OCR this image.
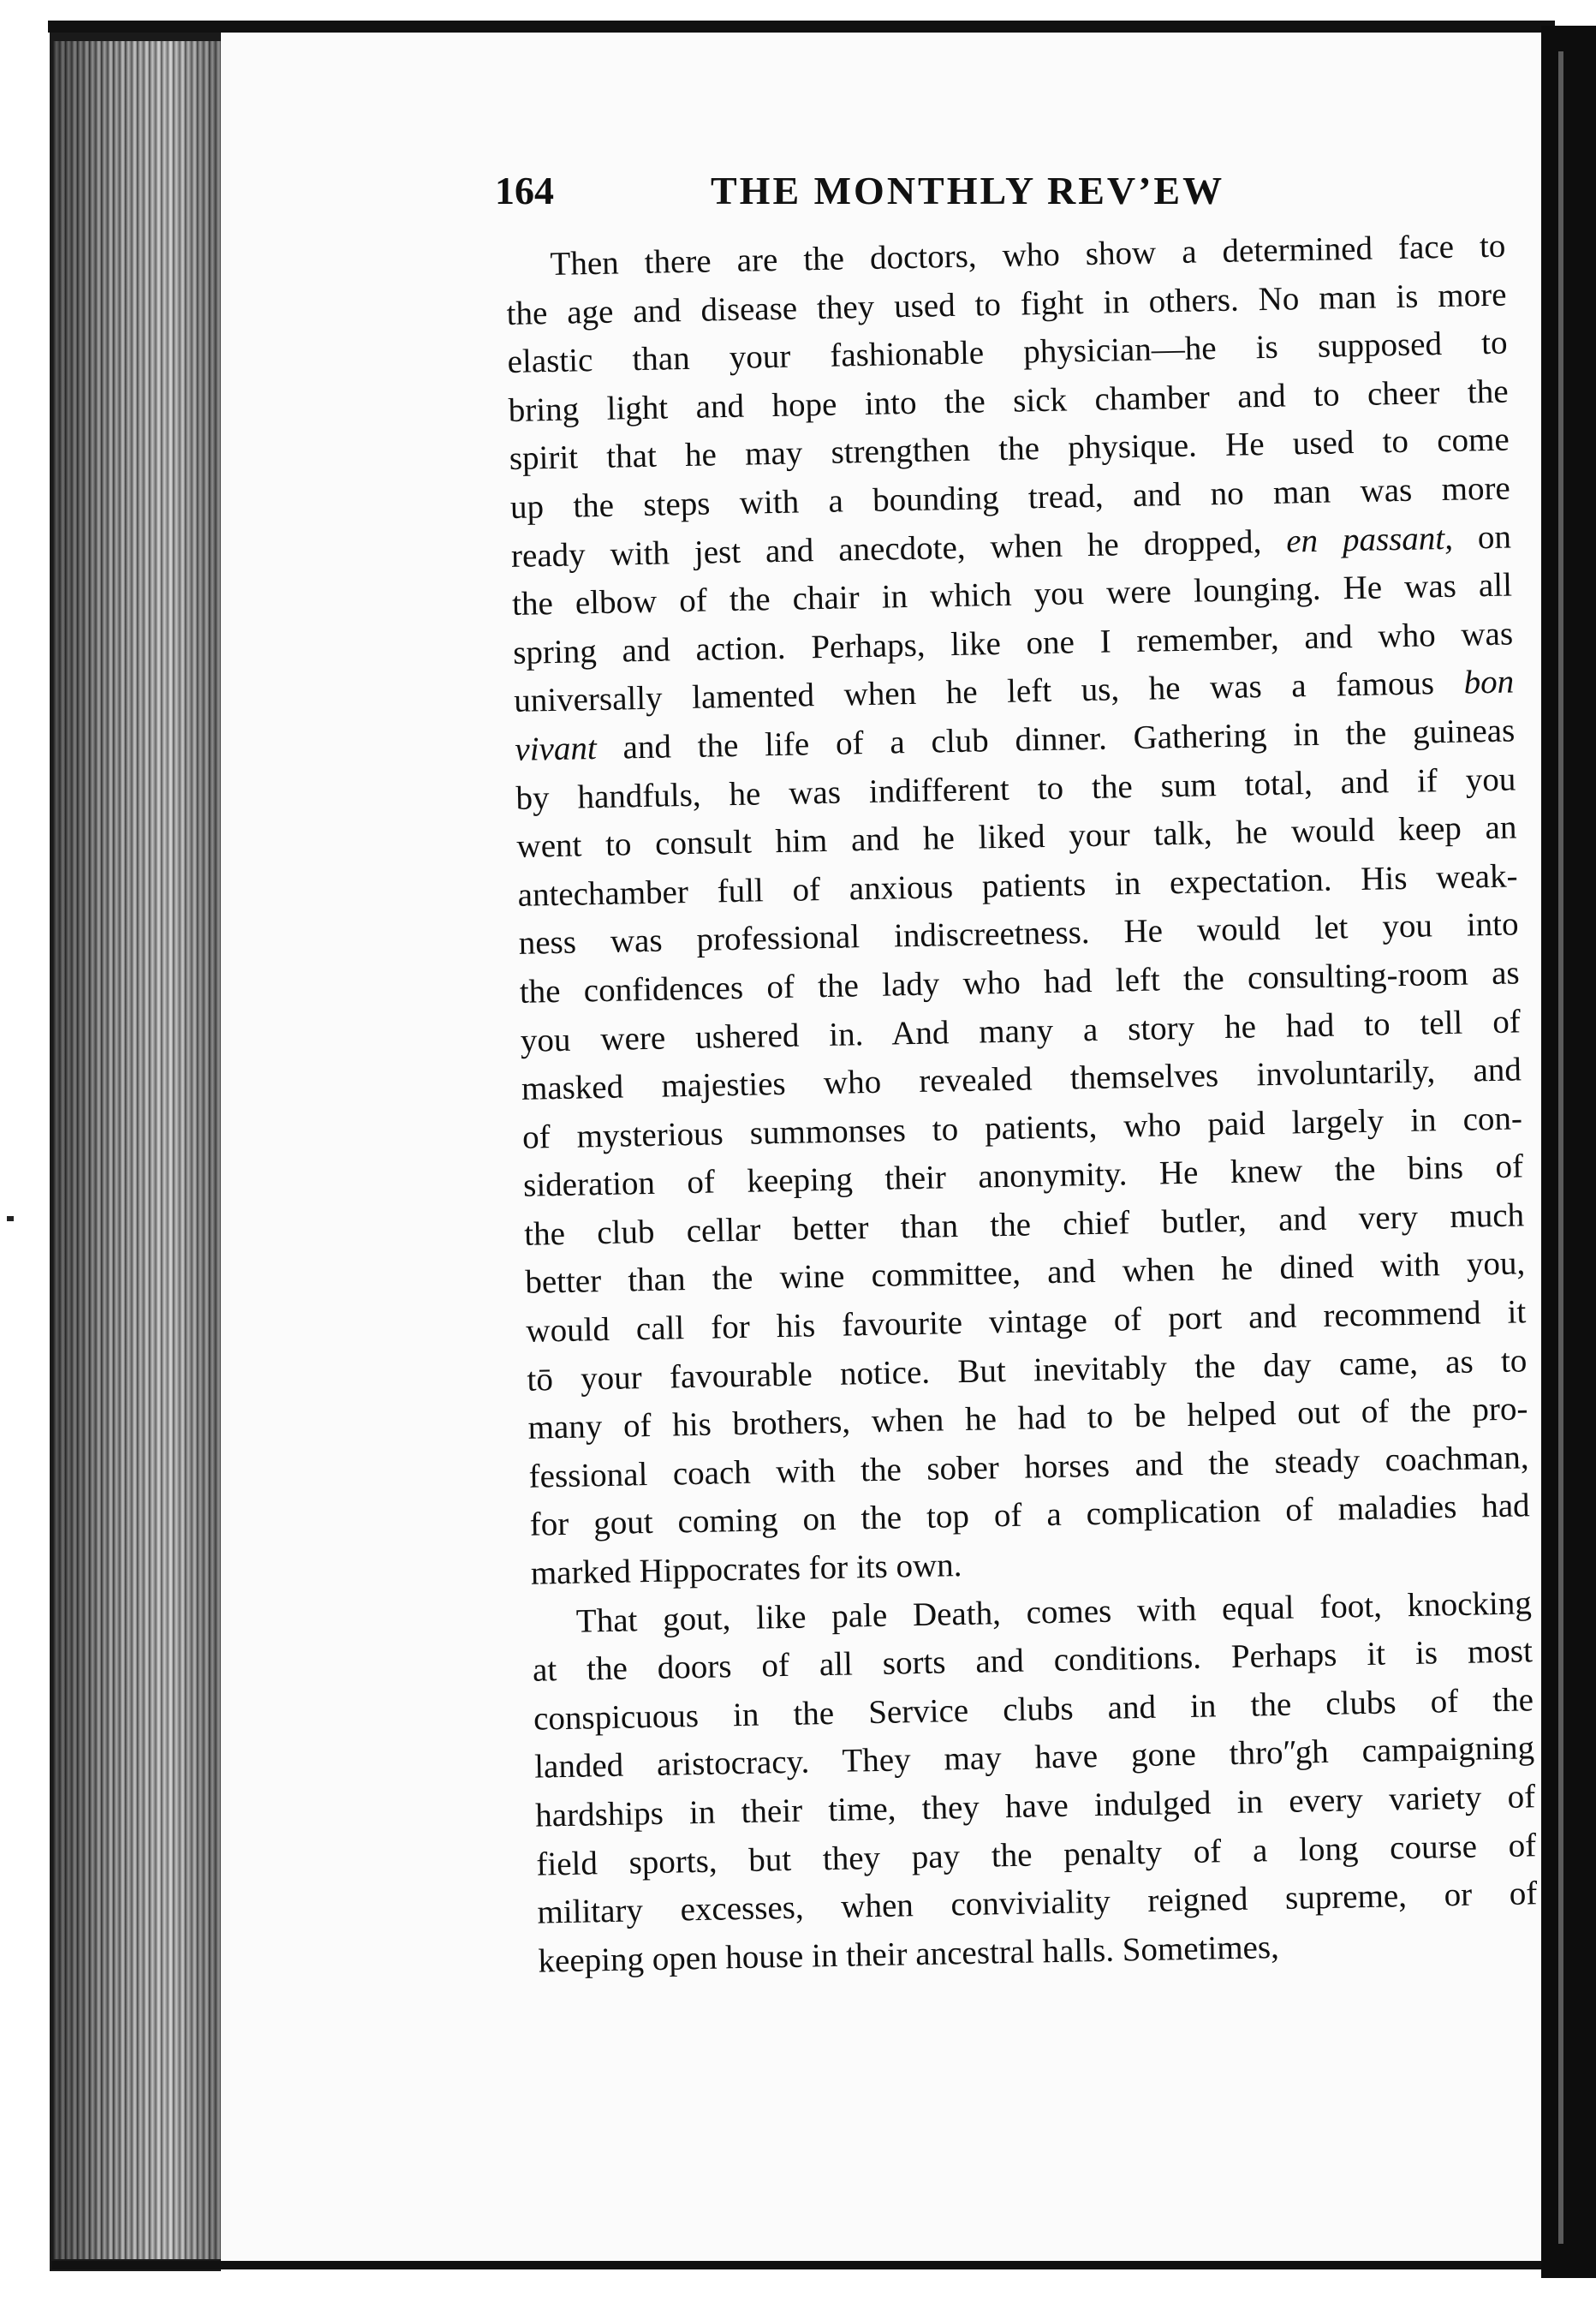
164	THE MONTHLY REV’EW
Then there are the doctors, who show a determined face to
the age and disease they used to fight in others. No man is more
elastic than your fashionable physician—he is supposed to
bring light and hope into the sick chamber and to cheer the
spirit that he may strengthen the physique. He used to come
up the steps with a bounding tread, and no man was more
ready with jest and anecdote, when he dropped, en passant, on
the elbow of the chair in which you were lounging. He was all
spring and action. Perhaps, like one I remember, and who was
universally lamented when he left us, he was a famous bon
vivant and the life of a club dinner. Gathering in the guineas
by handfuls, he was indifferent to the sum total, and if you
went to consult him and he liked your talk, he would keep an
antechamber full of anxious patients in expectation. His weak-
ness was professional indiscreetness. He would let you into
the confidences of the lady who had left the consulting-room as
you were ushered in. And many a story he had to tell of
masked majesties who revealed themselves involuntarily, and
of mysterious summonses to patients, who paid largely in con-
sideration of keeping their anonymity. He knew the bins of
the club cellar better than the chief butler, and very much
better than the wine committee, and when he dined with you,
would call for his favourite vintage of port and recommend it
tō your favourable notice. But inevitably the day came, as to
many of his brothers, when he had to be helped out of the pro-
fessional coach with the sober horses and the steady coachman,
for gout coming on the top of a complication of maladies had
marked Hippocrates for its own.
That gout, like pale Death, comes with equal foot, knocking
at the doors of all sorts and conditions. Perhaps it is most
conspicuous in the Service clubs and in the clubs of the
landed aristocracy. They may have gone throʺgh campaigning
hardships in their time, they have indulged in every variety of
field sports, but they pay the penalty of a long course of
military excesses, when conviviality reigned supreme, or of
keeping open house in their ancestral halls. Sometimes,
